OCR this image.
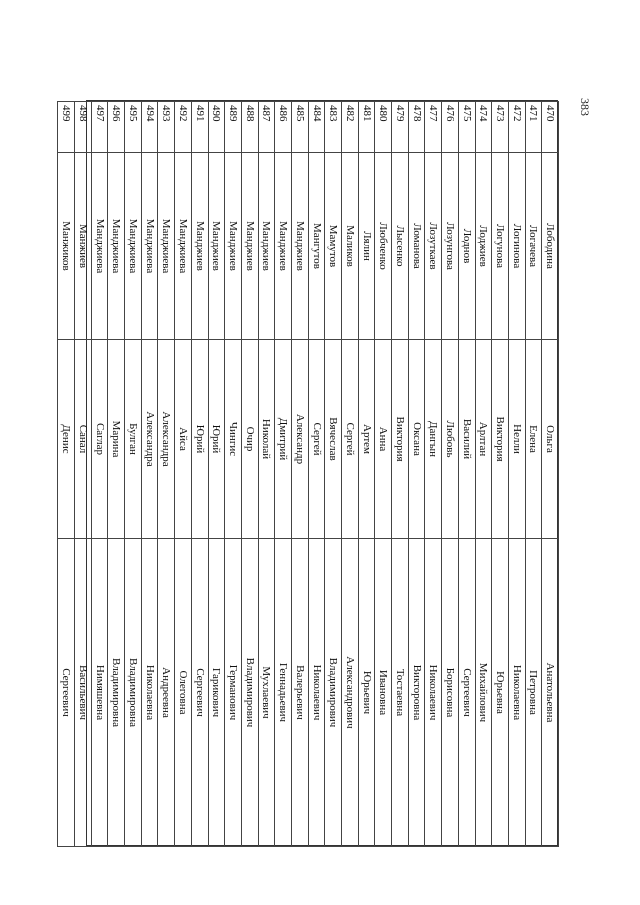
383
470	Лободина	Ольга	Анатольевна
471	Логачева	Елена	Петровна
472	Логинова	Нелли	Николаевна
473	Логунова	Виктория	Юрьевна
474	Лоджиев	Арлтан	Михайлович
475	Лоднов	Василий	Сергеевич
476	Лозунгова	Любовь	Борисовна
477	Лозуткаев	Дангын	Николаевич
478	Ломанова	Оксана	Викторовна
479	Лысенко	Виктория	Тостаевна
480	Любченко	Анна	Ивановна
481	Лялин	Артем	Юрьевич
482	Маликов	Сергей	Александрович
483	Мамутов	Вячеслав	Владимирович
484	Мангутов	Сергей	Николаевич
485	Манджиев	Александр	Валерьевич
486	Манджиев	Дмитрий	Геннадьевич
487	Манджиев	Николай	Мухлаевич
488	Манджиев	Очир	Владимирович
489	Манджиев	Чингис	Германович
490	Манджиев	Юрий	Гарикович
491	Манджиев	Юрий	Сергеевич
492	Манджиева	Айса	Олеговна
493	Манджиева	Александра	Андреевна
494	Манджиева	Александра	Николаевна
495	Манджиева	Булган	Владимировна
496	Манджиева	Марина	Владимировна
497	Манджиева	Саглар	Нимяшевна
498	Манжиев	Санал	Васильевич
499	Манжиков	Денис	Сергеевич
